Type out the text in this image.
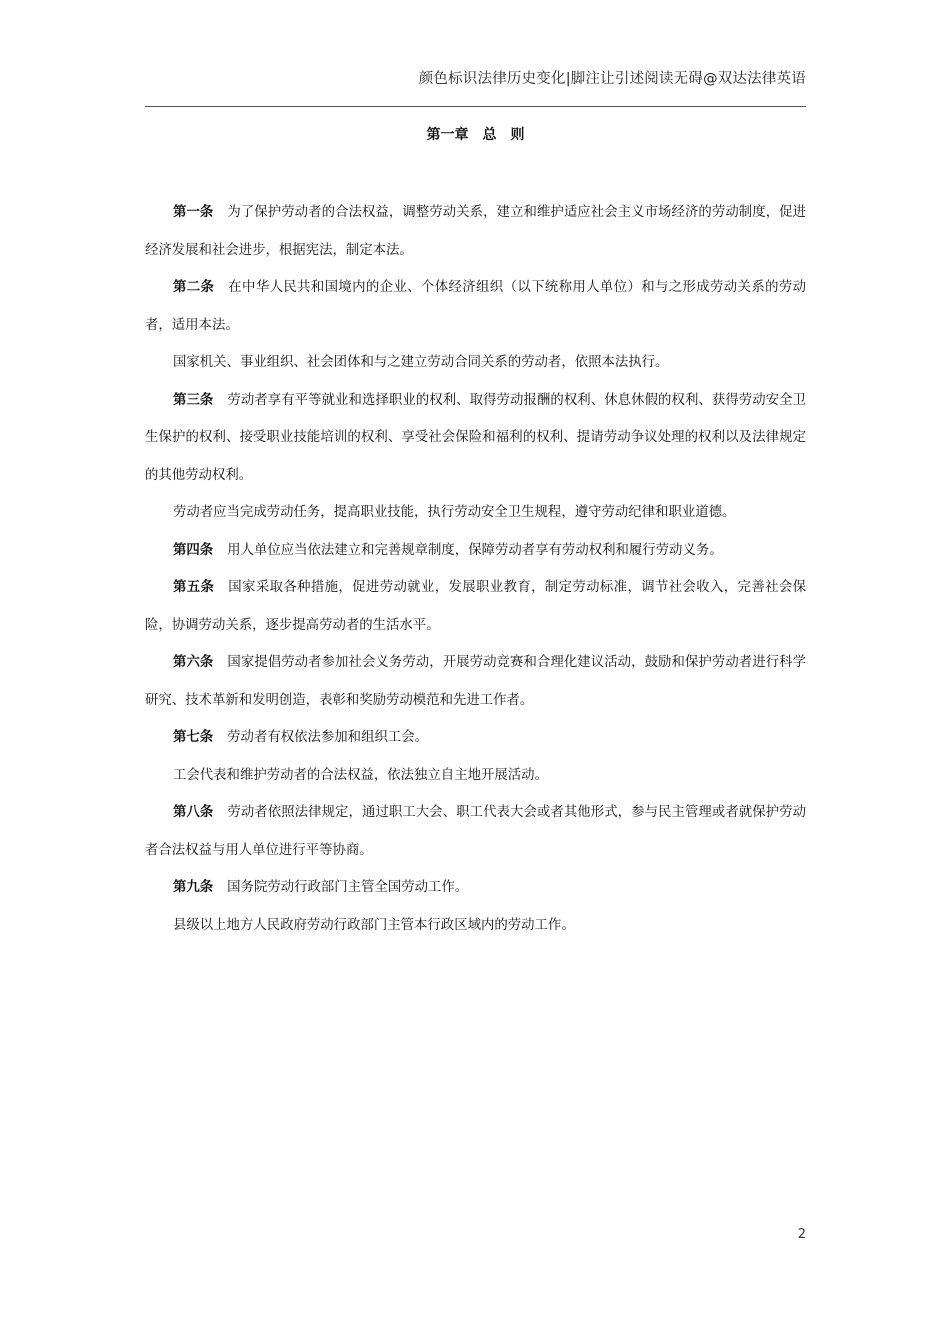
颜色标识法律历史变化|脚注让引述阅读无碍@双达法律英语
第一章　总　则

第一条 为了保护劳动者的合法权益，调整劳动关系，建立和维护适应社会主义市场经济的劳动制度，促进经济发展和社会进步，根据宪法，制定本法。

第二条 在中华人民共和国境内的企业、个体经济组织（以下统称用人单位）和与之形成劳动关系的劳动者，适用本法。

国家机关、事业组织、社会团体和与之建立劳动合同关系的劳动者，依照本法执行。

第三条 劳动者享有平等就业和选择职业的权利、取得劳动报酬的权利、休息休假的权利、获得劳动安全卫生保护的权利、接受职业技能培训的权利、享受社会保险和福利的权利、提请劳动争议处理的权利以及法律规定的其他劳动权利。

劳动者应当完成劳动任务，提高职业技能，执行劳动安全卫生规程，遵守劳动纪律和职业道德。

第四条 用人单位应当依法建立和完善规章制度，保障劳动者享有劳动权利和履行劳动义务。

第五条 国家采取各种措施，促进劳动就业，发展职业教育，制定劳动标准，调节社会收入，完善社会保险，协调劳动关系，逐步提高劳动者的生活水平。

第六条 国家提倡劳动者参加社会义务劳动，开展劳动竞赛和合理化建议活动，鼓励和保护劳动者进行科学研究、技术革新和发明创造，表彰和奖励劳动模范和先进工作者。

第七条 劳动者有权依法参加和组织工会。

工会代表和维护劳动者的合法权益，依法独立自主地开展活动。

第八条 劳动者依照法律规定，通过职工大会、职工代表大会或者其他形式，参与民主管理或者就保护劳动者合法权益与用人单位进行平等协商。

第九条 国务院劳动行政部门主管全国劳动工作。

县级以上地方人民政府劳动行政部门主管本行政区域内的劳动工作。

2
